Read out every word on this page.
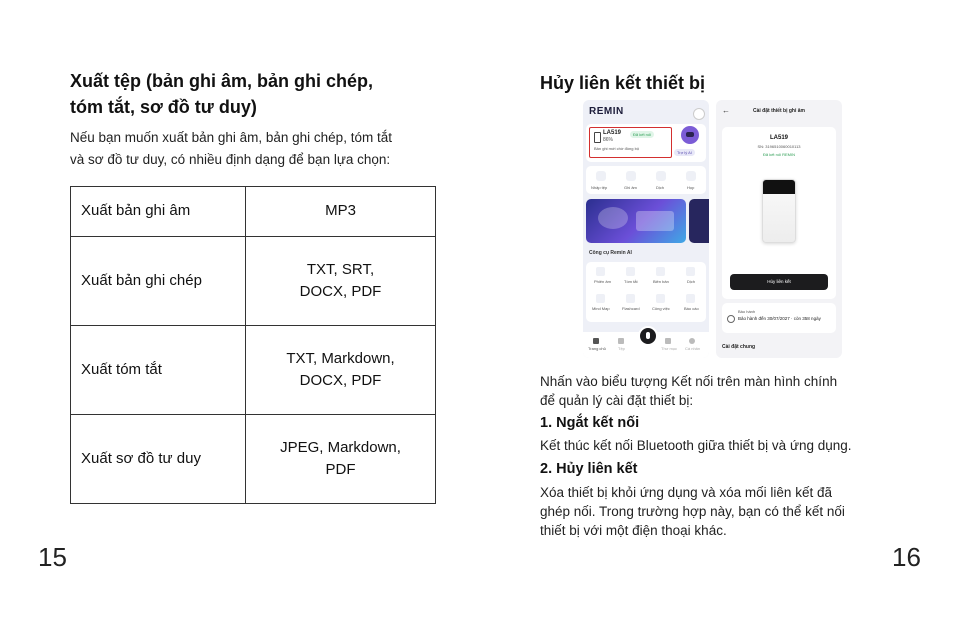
Xuất tệp (bản ghi âm, bản ghi chép,
tóm tắt, sơ đồ tư duy)
Nếu bạn muốn xuất bản ghi âm, bản ghi chép, tóm tắt
và sơ đồ tư duy, có nhiều định dạng để bạn lựa chọn:
Xuất bản ghi âm	MP3

Xuất bản ghi chép	TXT, SRT,
DOCX, PDF

Xuất tóm tắt	TXT, Markdown,
DOCX, PDF

Xuất sơ đồ tư duy	JPEG, Markdown,
PDF
15
Hủy liên kết thiết bị
REMIN
LA519
86%
Đã kết nối
Bản ghi mới chờ đồng bộ
Trợ lý AI
Nhập tệp	Ghi âm	Dịch	Họp
Công cụ Remin AI
Phiên âm	Tóm tắt	Biên bản	Dịch
Mind Map	Flashcard	Công việc	Báo cáo
Trang chủ	Tệp	Thư mục Cá nhân
←	Cài đặt thiết bị ghi âm
LA519
SN: 3196510060010113
Đã kết nối REMIN
Hủy liên kết
Bảo hành
Bảo hành đến 30/07/2027 · còn 358 ngày
Cài đặt chung
Nhấn vào biểu tượng Kết nối trên màn hình chính
để quản lý cài đặt thiết bị:
1. Ngắt kết nối
Kết thúc kết nối Bluetooth giữa thiết bị và ứng dụng.
2. Hủy liên kết
Xóa thiết bị khỏi ứng dụng và xóa mối liên kết đã
ghép nối. Trong trường hợp này, bạn có thể kết nối
thiết bị với một điện thoại khác.
16
